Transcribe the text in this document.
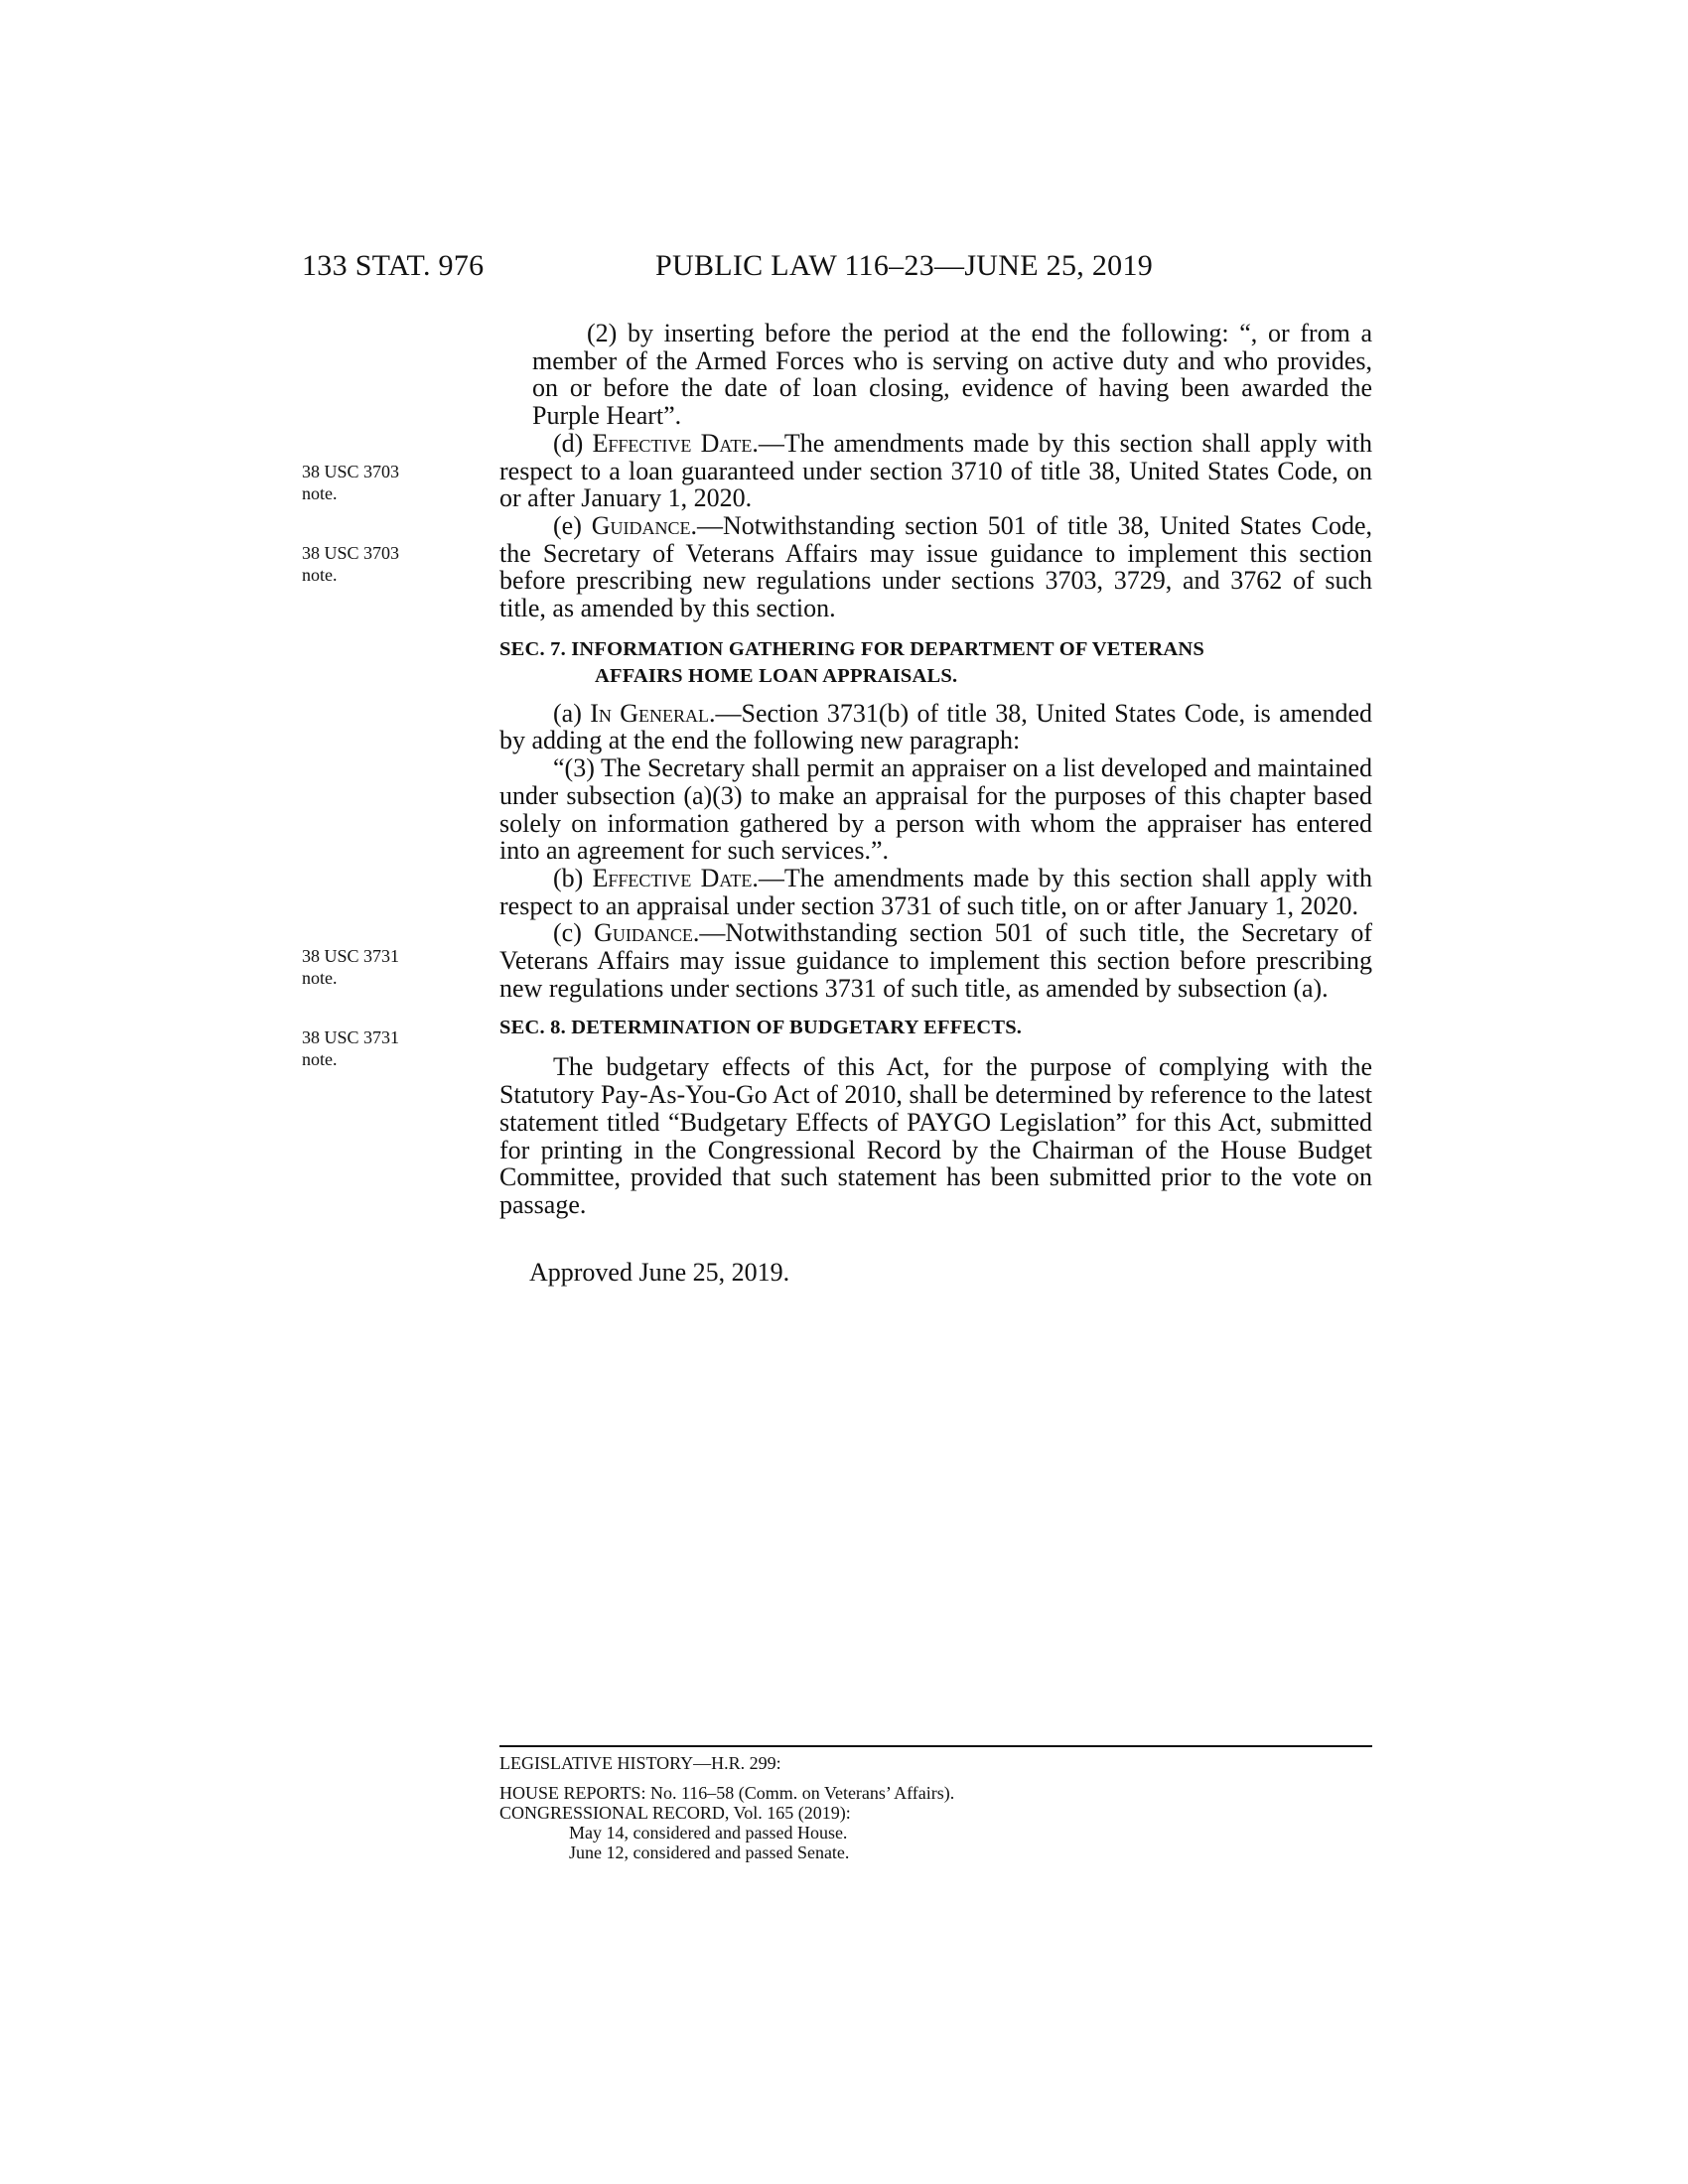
133 STAT. 976	PUBLIC LAW 116–23—JUNE 25, 2019
38 USC 3703
note.
38 USC 3703
note.
38 USC 3731
note.
38 USC 3731
note.

(2) by inserting before the period at the end the following: “, or from a member of the Armed Forces who is serving on active duty and who provides, on or before the date of loan closing, evidence of having been awarded the Purple Heart”.

(d) Effective Date.—The amendments made by this section shall apply with respect to a loan guaranteed under section 3710 of title 38, United States Code, on or after January 1, 2020.

(e) Guidance.—Notwithstanding section 501 of title 38, United States Code, the Secretary of Veterans Affairs may issue guidance to implement this section before prescribing new regulations under sections 3703, 3729, and 3762 of such title, as amended by this section.

SEC. 7. INFORMATION GATHERING FOR DEPARTMENT OF VETERANS
AFFAIRS HOME LOAN APPRAISALS.

(a) In General.—Section 3731(b) of title 38, United States Code, is amended by adding at the end the following new paragraph:

“(3) The Secretary shall permit an appraiser on a list developed and maintained under subsection (a)(3) to make an appraisal for the purposes of this chapter based solely on information gathered by a person with whom the appraiser has entered into an agreement for such services.”.

(b) Effective Date.—The amendments made by this section shall apply with respect to an appraisal under section 3731 of such title, on or after January 1, 2020.

(c) Guidance.—Notwithstanding section 501 of such title, the Secretary of Veterans Affairs may issue guidance to implement this section before prescribing new regulations under sections 3731 of such title, as amended by subsection (a).

SEC. 8. DETERMINATION OF BUDGETARY EFFECTS.

The budgetary effects of this Act, for the purpose of complying with the Statutory Pay-As-You-Go Act of 2010, shall be determined by reference to the latest statement titled “Budgetary Effects of PAYGO Legislation” for this Act, submitted for printing in the Congressional Record by the Chairman of the House Budget Committee, provided that such statement has been submitted prior to the vote on passage.

Approved June 25, 2019.
LEGISLATIVE HISTORY—H.R. 299:
HOUSE REPORTS: No. 116–58 (Comm. on Veterans’ Affairs).
CONGRESSIONAL RECORD, Vol. 165 (2019):
May 14, considered and passed House.
June 12, considered and passed Senate.
